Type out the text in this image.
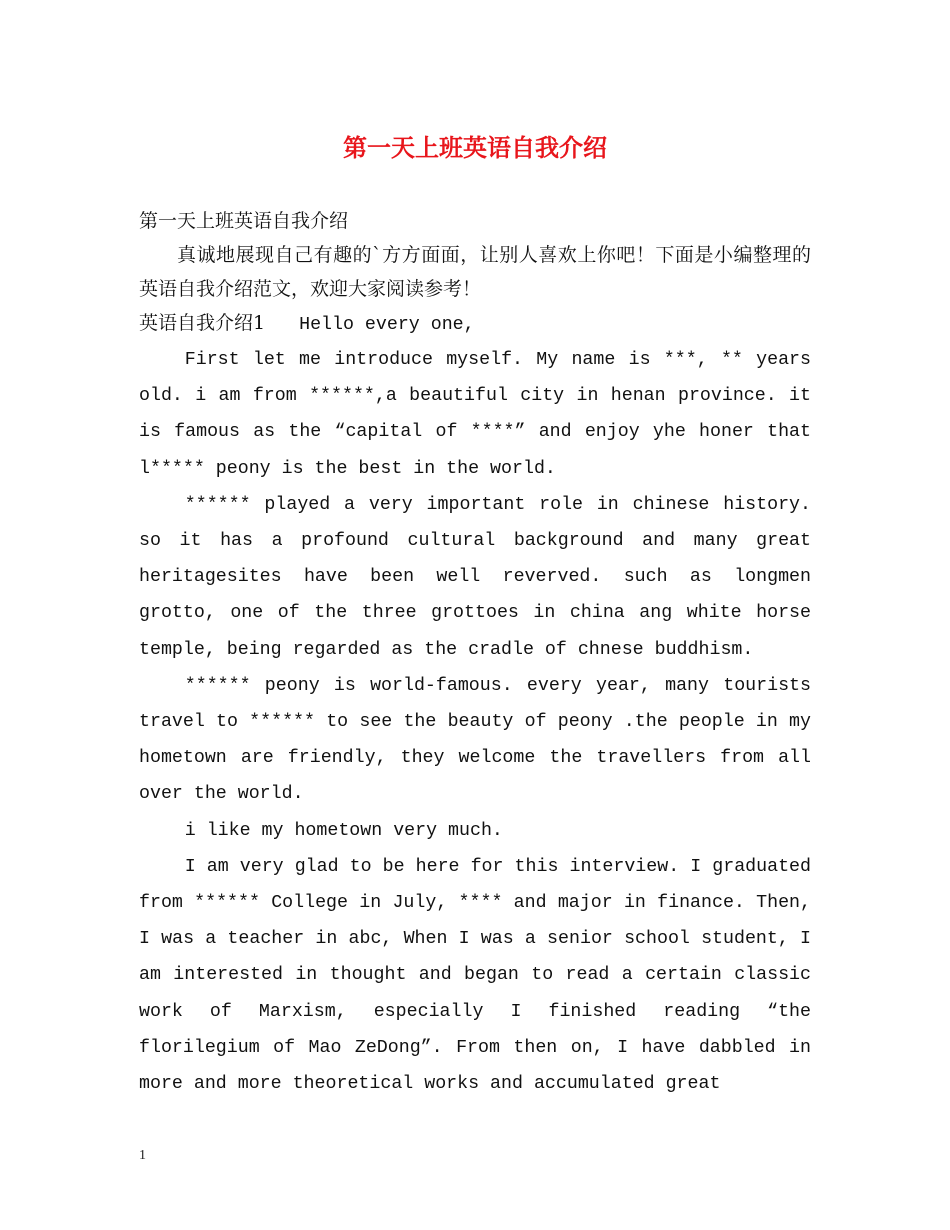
第一天上班英语自我介绍
第一天上班英语自我介绍
真诚地展现自己有趣的`方方面面，让别人喜欢上你吧！下面是小编整理的英语自我介绍范文，欢迎大家阅读参考！
英语自我介绍1 Hello every one,

First let me introduce myself. My name is ***, ** years old. i am from ******,a beautiful city in henan province. it is famous as the “capital of ****” and enjoy yhe honer that l***** peony is the best in the world.

****** played a very important role in chinese history. so it has a profound cultural background and many great heritagesites have been well reverved. such as longmen grotto, one of the three grottoes in china ang white horse temple, being regarded as the cradle of chnese buddhism.

****** peony is world-famous. every year, many tourists travel to ****** to see the beauty of peony .the people in my hometown are friendly, they welcome the travellers from all over the world.

i like my hometown very much.

I am very glad to be here for this interview. I graduated from ****** College in July, **** and major in finance. Then, I was a teacher in abc, When I was a senior school student, I am interested in thought and began to read a certain classic work of Marxism, especially I finished reading “the florilegium of Mao ZeDong”. From then on, I have dabbled in more and more theoretical works and accumulated great

1
